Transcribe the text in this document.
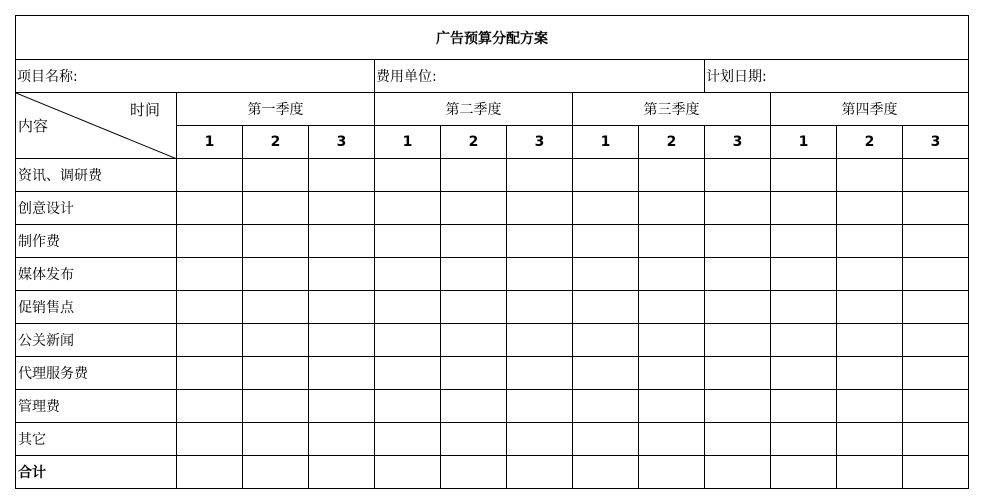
广告预算分配方案												
项目名称:				费用单位:					计划日期:			

时间
内容	第一季度			第二季度			第三季度			第四季度		
	1	2	3	1	2	3	1	2	3	1	2	3
资讯、调研费												
创意设计												
制作费												
媒体发布												
促销售点												
公关新闻												
代理服务费												
管理费												
其它												
合计												
